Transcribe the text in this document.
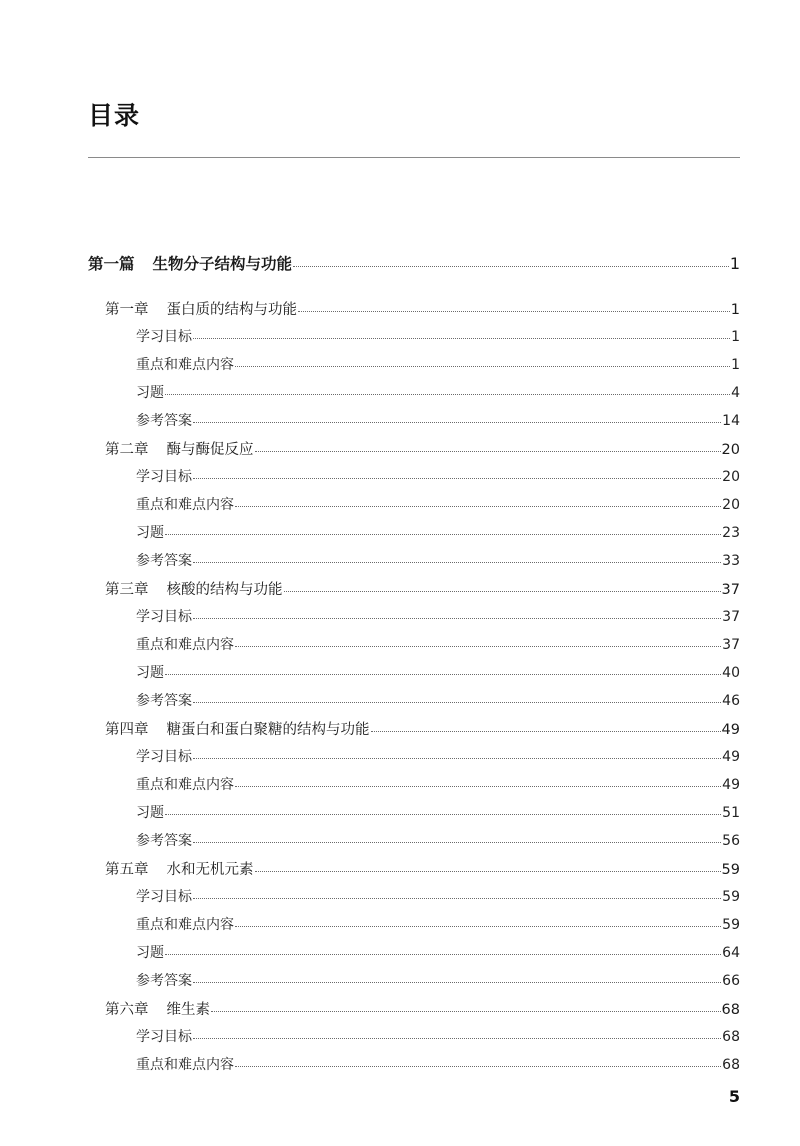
目录
第一篇 生物分子结构与功能	1
第一章 蛋白质的结构与功能	1
学习目标	1
重点和难点内容	1
习题	4
参考答案	14
第二章 酶与酶促反应	20
学习目标	20
重点和难点内容	20
习题	23
参考答案	33
第三章 核酸的结构与功能	37
学习目标	37
重点和难点内容	37
习题	40
参考答案	46
第四章 糖蛋白和蛋白聚糖的结构与功能	49
学习目标	49
重点和难点内容	49
习题	51
参考答案	56
第五章 水和无机元素	59
学习目标	59
重点和难点内容	59
习题	64
参考答案	66
第六章 维生素	68
学习目标	68
重点和难点内容	68
5
